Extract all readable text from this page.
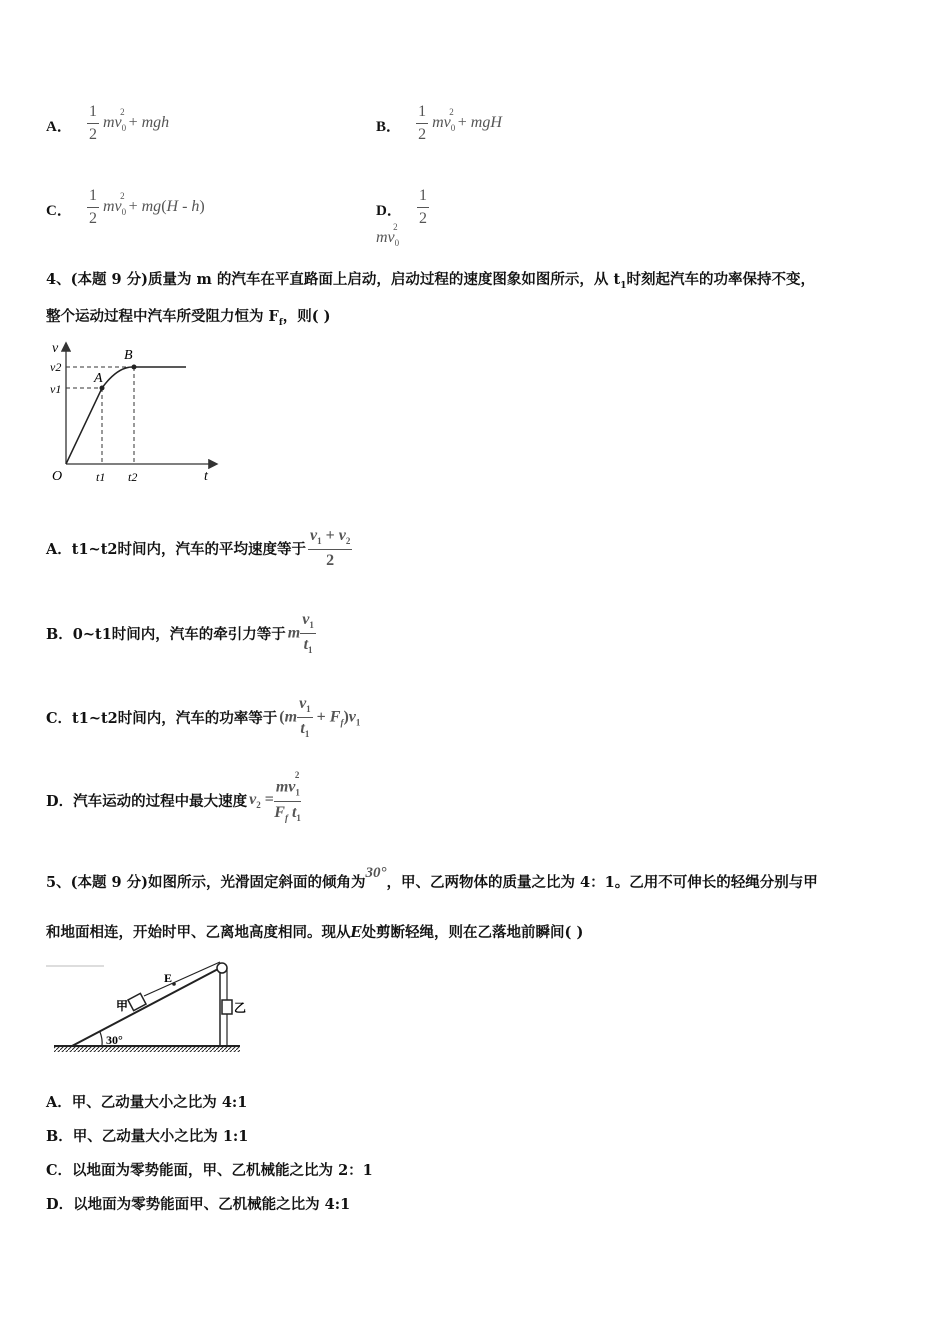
A． $\frac{1}{2} mv_0^2$ + mgh	B． $\frac{1}{2} mv_0^2$ + mgH
C． $\frac{1}{2} mv_0^2 + mg(H - h)$	D． $\frac{1}{2}$
$mv_0^2$
4、(本题 9 分)质量为 m 的汽车在平直路面上启动，启动过程的速度图象如图所示，从 $t_1$时刻起汽车的功率保持不变，
整个运动过程中汽车所受阻力恒为 $F_f$，则( )
v
t
O
A
B
v2
v1
t1 t2
A． t1~t2时间内，汽车的平均速度等于 $\frac{v_1 + v_2}{2}$
B． 0~t1时间内，汽车的牵引力等于 m $\frac{v_1}{t_1}$
C． t1~t2时间内，汽车的功率等于 $(m \frac{v_1}{t_1} + F_f)v_1$
D． 汽车运动的过程中最大速度 $v_2 = \frac{mv_1^2}{F_f t_1}$
5、(本题 9 分)如图所示，光滑固定斜面的倾角为30°，甲、乙两物体的质量之比为 4：1。乙用不可伸长的轻绳分别与甲
和地面相连，开始时甲、乙离地高度相同。现从E处剪断轻绳，则在乙落地前瞬间( )
E
甲	乙
30°
A．甲、乙动量大小之比为 4:1
B．甲、乙动量大小之比为 1:1
C．以地面为零势能面，甲、乙机械能之比为 2：1
D．以地面为零势能面甲、乙机械能之比为 4:1
